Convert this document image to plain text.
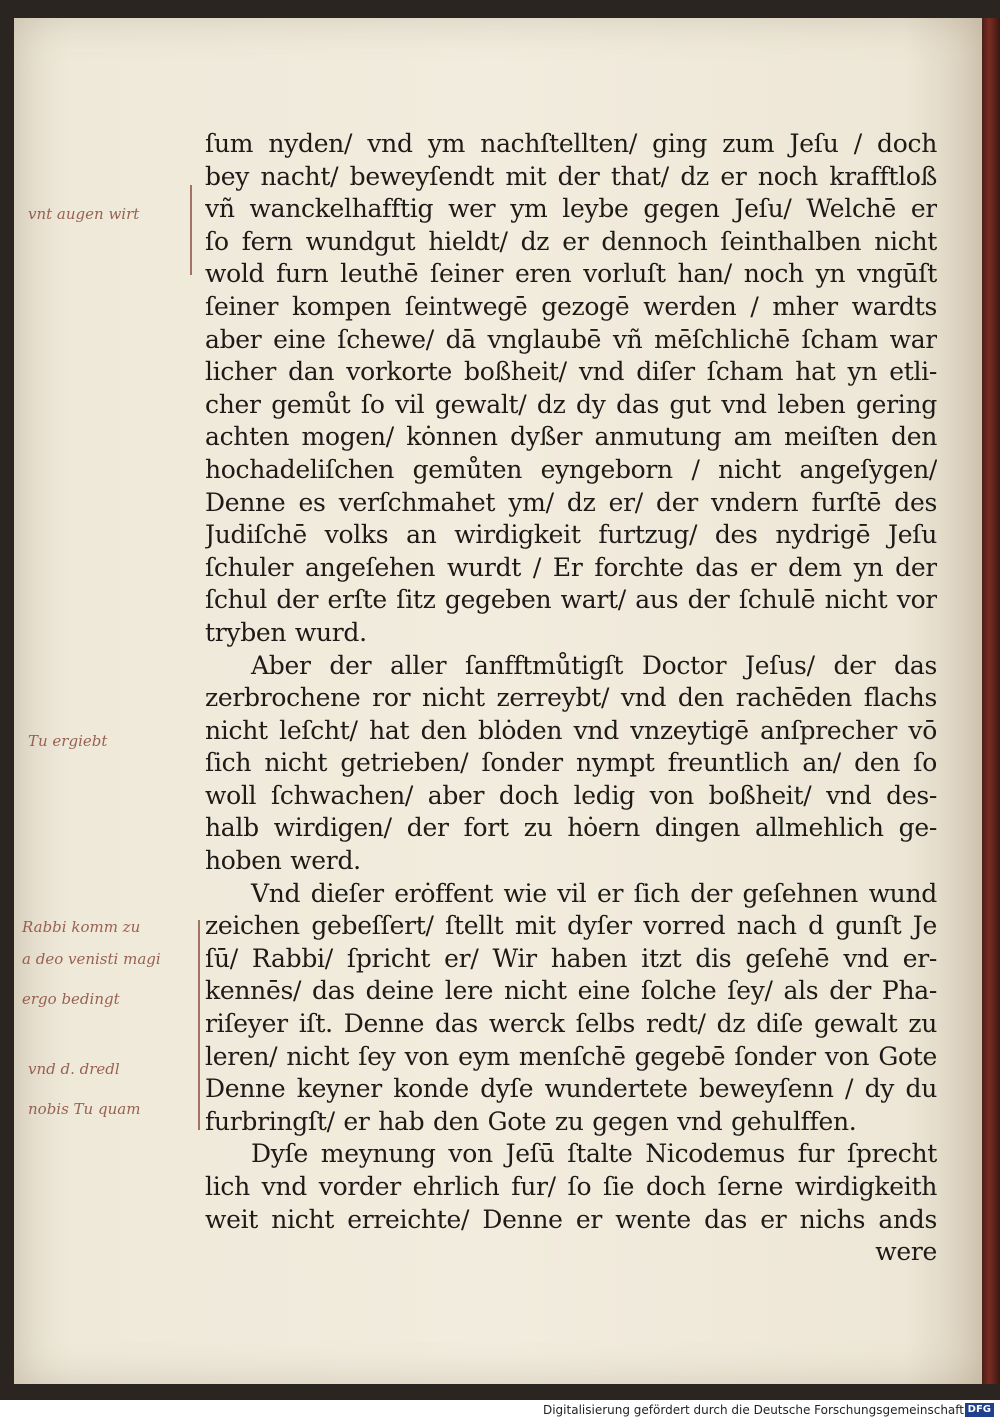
ſum nyden/ vnd ym nachſtellten/ ging zum Jeſu / doch
bey nacht/ beweyſendt mit der that/ dz er noch krafftloß
vñ wanckelhafftig wer ym leybe gegen Jeſu/ Welchē er
ſo fern wundgut hieldt/ dz er dennoch ſeinthalben nicht
wold furn leuthē ſeiner eren vorluſt han/ noch yn vngūſt
ſeiner kompen ſeintwegē gezogē werden / mher wardts
aber eine ſchewe/ dā vnglaubē vñ mēſchlichē ſcham war
licher dan vorkorte boßheit/ vnd diſer ſcham hat yn etli-
cher gemůt ſo vil gewalt/ dz dy das gut vnd leben gering
achten mogen/ kȯnnen dyßer anmutung am meiſten den
hochadeliſchen gemůten eyngeborn / nicht angeſygen/
Denne es verſchmahet ym/ dz er/ der vndern furſtē des
Judiſchē volks an wirdigkeit furtzug/ des nydrigē Jeſu
ſchuler angeſehen wurdt / Er forchte das er dem yn der
ſchul der erſte ſitz gegeben wart/ aus der ſchulē nicht vor
tryben wurd.
Aber der aller ſanfftmůtigſt Doctor Jeſus/ der das
zerbrochene ror nicht zerreybt/ vnd den rachēden flachs
nicht leſcht/ hat den blȯden vnd vnzeytigē anſprecher vō
ſich nicht getrieben/ ſonder nympt freuntlich an/ den ſo
woll ſchwachen/ aber doch ledig von boßheit/ vnd des-
halb wirdigen/ der fort zu hȯern dingen allmehlich ge-
hoben werd.
Vnd dieſer erȯffent wie vil er ſich der geſehnen wund
zeichen gebeſſert/ ſtellt mit dyſer vorred nach d gunſt Je
ſū/ Rabbi/ ſpricht er/ Wir haben itzt dis geſehē vnd er-
kennēs/ das deine lere nicht eine ſolche ſey/ als der Pha-
riſeyer iſt. Denne das werck ſelbs redt/ dz diſe gewalt zu
leren/ nicht ſey von eym menſchē gegebē ſonder von Gote
Denne keyner konde dyſe wundertete beweyſenn / dy du
furbringſt/ er hab den Gote zu gegen vnd gehulffen.
Dyſe meynung von Jeſū ſtalte Nicodemus fur ſprecht
lich vnd vorder ehrlich fur/ ſo ſie doch ſerne wirdigkeith
weit nicht erreichte/ Denne er wente das er nichs ands
were
vnt augen wirt
Tu ergiebt
Rabbi komm zu
a deo venisti magi
ergo bedingt
vnd d. dredl
nobis Tu quam
Digitalisierung gefördert durch die Deutsche Forschungsgemeinschaft DFG
